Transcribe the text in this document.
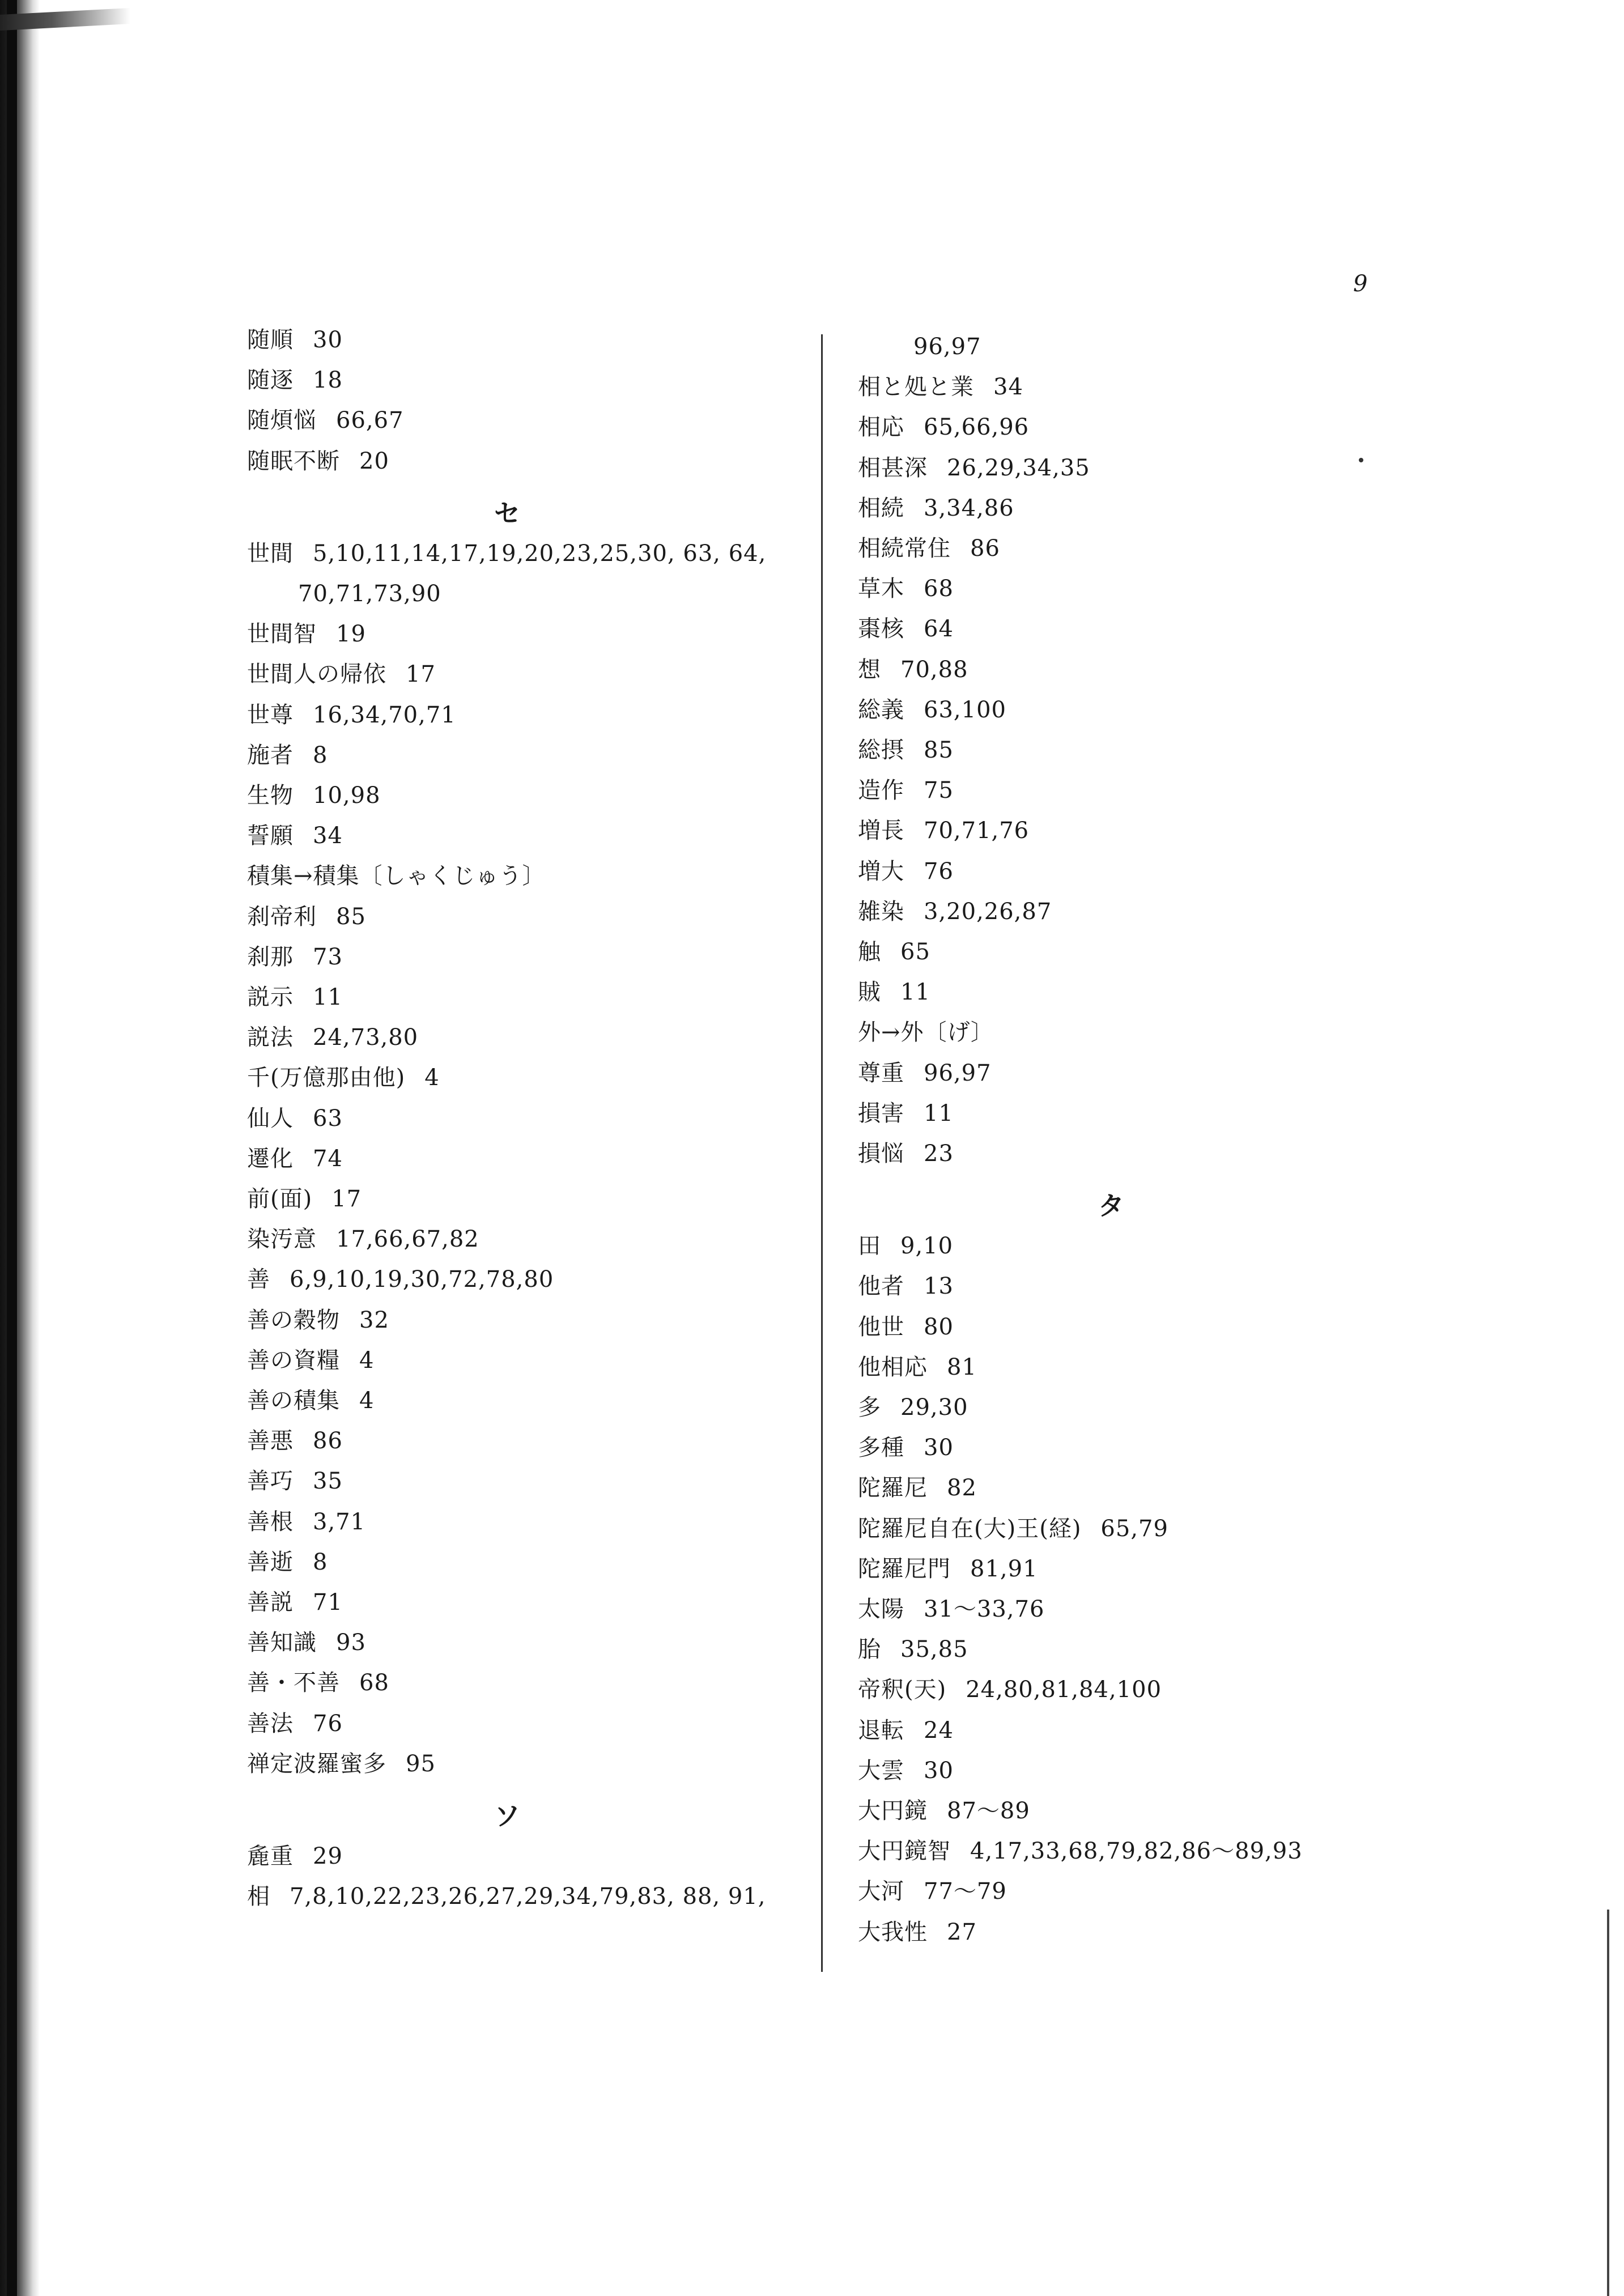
9
随順 30
随逐 18
随煩悩 66,67
随眠不断 20
セ
世間 5,10,11,14,17,19,20,23,25,30, 63, 64,
70,71,73,90
世間智 19
世間人の帰依 17
世尊 16,34,70,71
施者 8
生物 10,98
誓願 34
積集→積集〔しゃくじゅう〕
刹帝利 85
刹那 73
説示 11
説法 24,73,80
千(万億那由他) 4
仙人 63
遷化 74
前(面) 17
染汚意 17,66,67,82
善 6,9,10,19,30,72,78,80
善の穀物 32
善の資糧 4
善の積集 4
善悪 86
善巧 35
善根 3,71
善逝 8
善説 71
善知識 93
善・不善 68
善法 76
禅定波羅蜜多 95
ソ
麁重 29
相 7,8,10,22,23,26,27,29,34,79,83, 88, 91,
96,97
相と処と業 34
相応 65,66,96
相甚深 26,29,34,35
相続 3,34,86
相続常住 86
草木 68
棗核 64
想 70,88
総義 63,100
総摂 85
造作 75
増長 70,71,76
増大 76
雑染 3,20,26,87
触 65
賊 11
外→外〔げ〕
尊重 96,97
損害 11
損悩 23
タ
田 9,10
他者 13
他世 80
他相応 81
多 29,30
多種 30
陀羅尼 82
陀羅尼自在(大)王(経) 65,79
陀羅尼門 81,91
太陽 31〜33,76
胎 35,85
帝釈(天) 24,80,81,84,100
退転 24
大雲 30
大円鏡 87〜89
大円鏡智 4,17,33,68,79,82,86〜89,93
大河 77〜79
大我性 27
